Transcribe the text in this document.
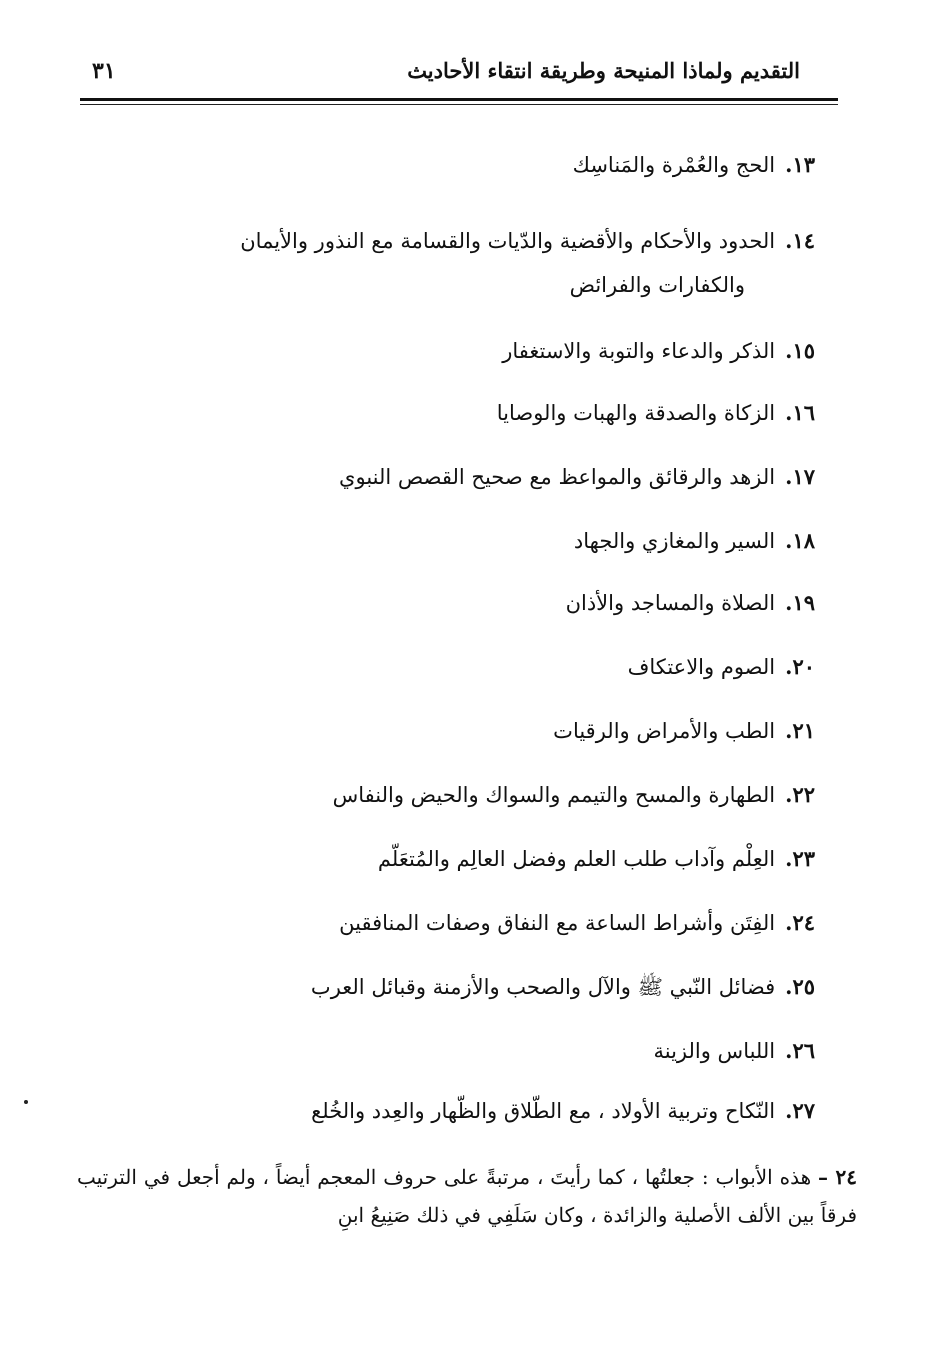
التقديم ولماذا المنيحة وطريقة انتقاء الأحاديث
٣١
١٣.الحج والعُمْرة والمَناسِك
١٤.الحدود والأحكام والأقضية والدّيات والقسامة مع النذور والأيمان
والكفارات والفرائض
١٥.الذكر والدعاء والتوبة والاستغفار
١٦.الزكاة والصدقة والهبات والوصايا
١٧.الزهد والرقائق والمواعظ مع صحيح القصص النبوي
١٨.السير والمغازي والجهاد
١٩.الصلاة والمساجد والأذان
٢٠.الصوم والاعتكاف
٢١.الطب والأمراض والرقيات
٢٢.الطهارة والمسح والتيمم والسواك والحيض والنفاس
٢٣.العِلْم وآداب طلب العلم وفضل العالِم والمُتعَلّم
٢٤.الفِتَن وأشراط الساعة مع النفاق وصفات المنافقين
٢٥.فضائل النّبي ﷺ والآل والصحب والأزمنة وقبائل العرب
٢٦.اللباس والزينة
٢٧.النّكاح وتربية الأولاد ، مع الطّلاق والظّهار والعِدد والخُلع
٢٤ – هذه الأبواب : جعلتُها ، كما رأيتَ ، مرتبةً على حروف المعجم أيضاً ، ولم أجعل في الترتيب فرقاً بين الألف الأصلية والزائدة ، وكان سَلَفِي في ذلك صَنِيعُ ابنِ
